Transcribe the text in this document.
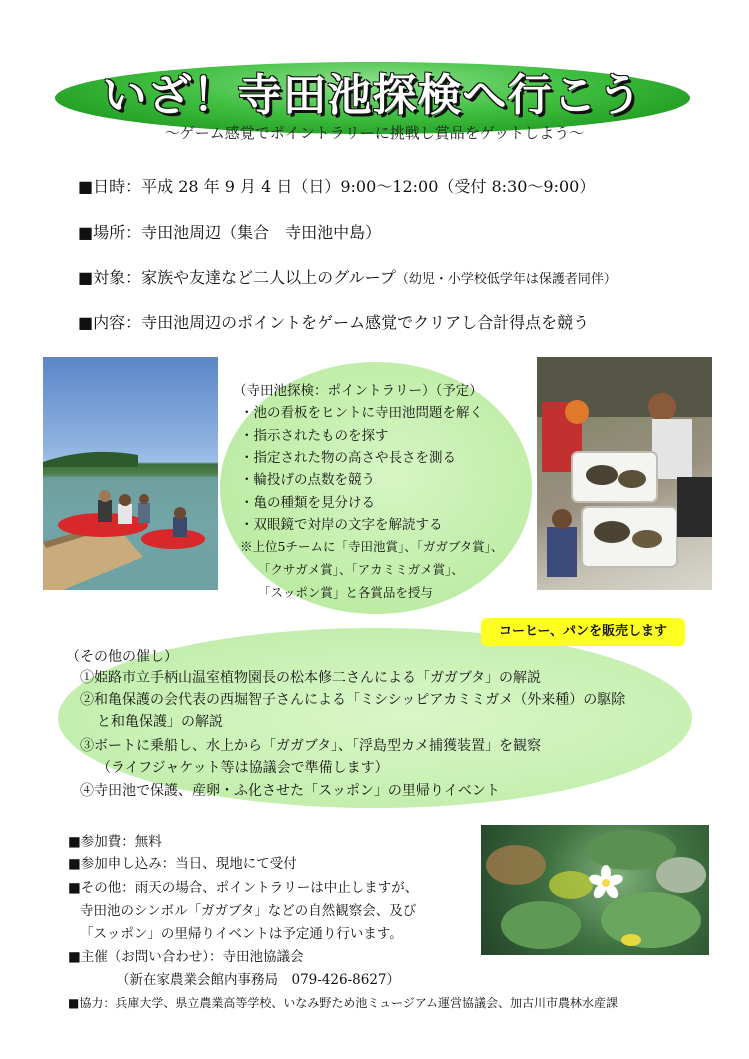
いざ！寺田池探検へ行こう
～ゲーム感覚でポイントラリーに挑戦し賞品をゲットしよう～
■日時：平成 28 年 9 月 4 日（日）9:00～12:00（受付 8:30～9:00）
■場所：寺田池周辺（集合　寺田池中島）
■対象：家族や友達など二人以上のグループ（幼児・小学校低学年は保護者同伴）
■内容：寺田池周辺のポイントをゲーム感覚でクリアし合計得点を競う
（寺田池探検：ポイントラリー）（予定）
・池の看板をヒントに寺田池問題を解く
・指示されたものを探す
・指定された物の高さや長さを測る
・輪投げの点数を競う
・亀の種類を見分ける
・双眼鏡で対岸の文字を解読する
※上位5チームに「寺田池賞」、「ガガブタ賞」、
「クサガメ賞」、「アカミミガメ賞」、
「スッポン賞」と各賞品を授与
コーヒー、パンを販売します
（その他の催し）
①姫路市立手柄山温室植物園長の松本修二さんによる「ガガブタ」の解説
②和亀保護の会代表の西堀智子さんによる「ミシシッピアカミミガメ（外来種）の駆除
と和亀保護」の解説
③ボートに乗船し、水上から「ガガブタ」、「浮島型カメ捕獲装置」を観察
（ライフジャケット等は協議会で準備します）
④寺田池で保護、産卵・ふ化させた「スッポン」の里帰りイベント
■参加費：無料
■参加申し込み：当日、現地にて受付
■その他：雨天の場合、ポイントラリーは中止しますが、
寺田池のシンボル「ガガブタ」などの自然観察会、及び
「スッポン」の里帰りイベントは予定通り行います。
■主催（お問い合わせ）：寺田池協議会
（新在家農業会館内事務局　079-426-8627）
■協力：兵庫大学、県立農業高等学校、いなみ野ため池ミュージアム運営協議会、加古川市農林水産課
